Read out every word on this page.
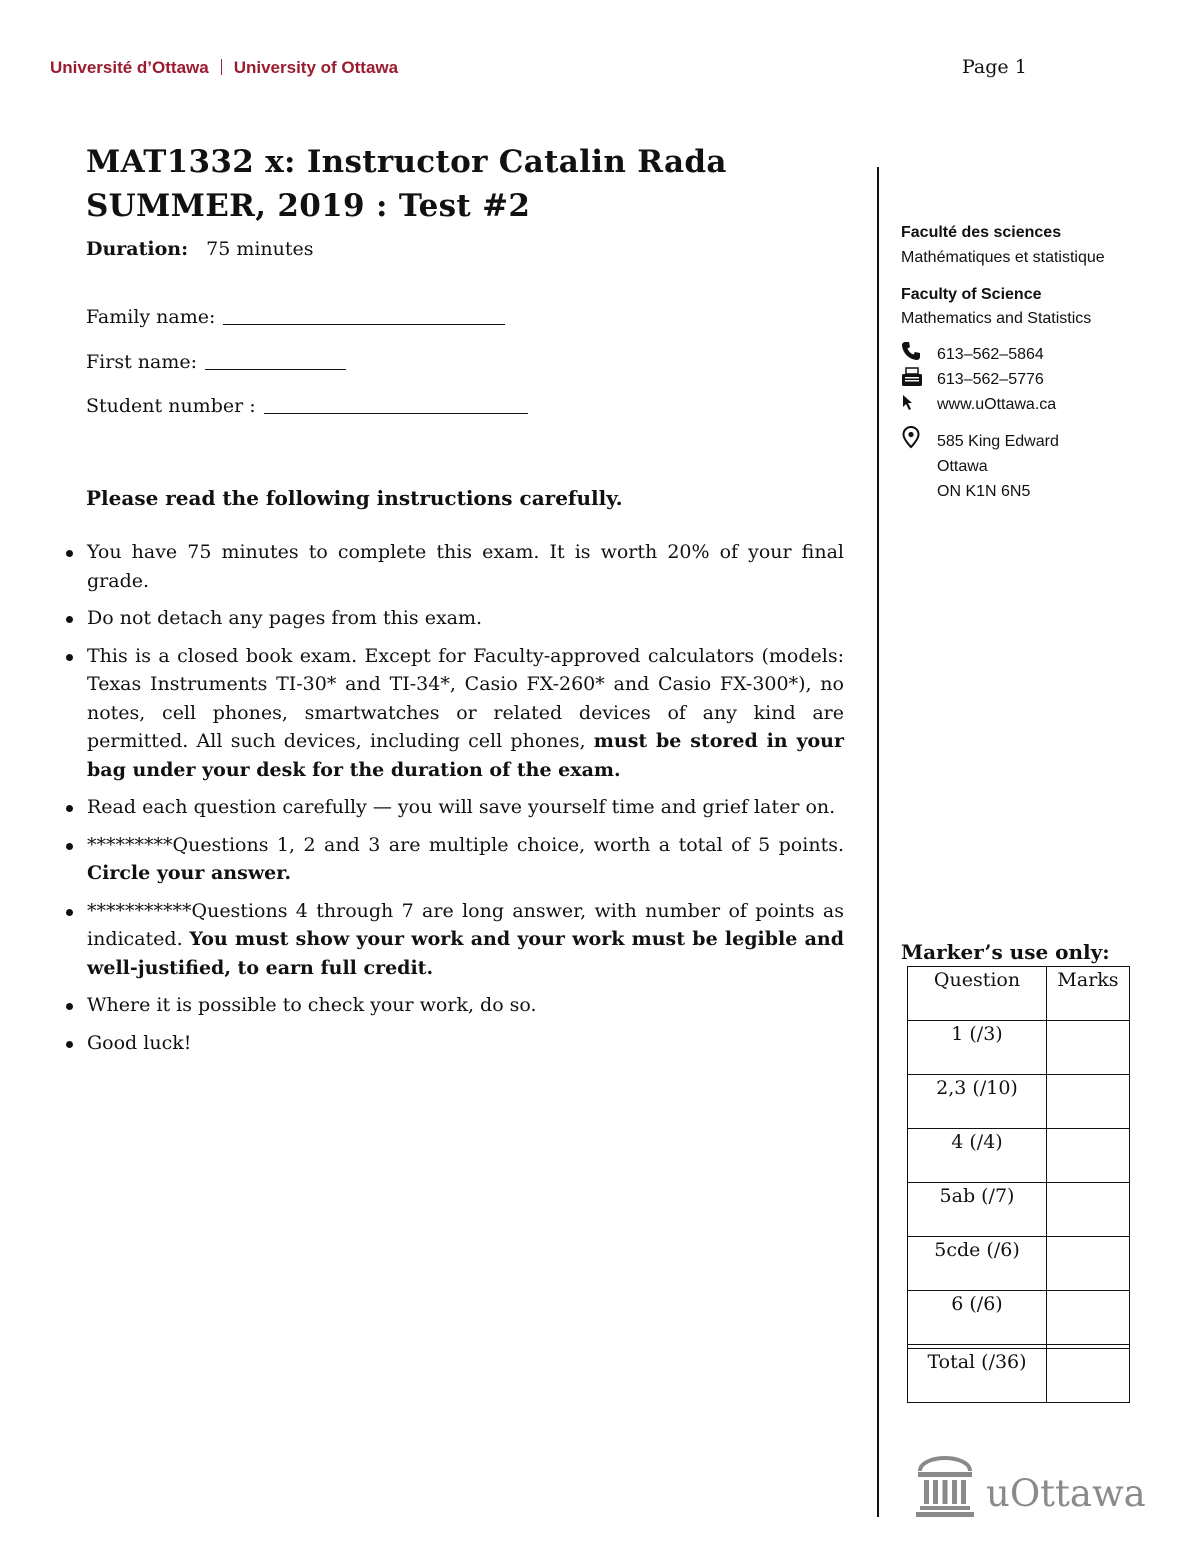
Université d’Ottawa University of Ottawa	Page 1
MAT1332 x: Instructor Catalin Rada
SUMMER, 2019 : Test #2
Duration: 75 minutes
Family name:
First name:
Student number :
Please read the following instructions carefully.
You have 75 minutes to complete this exam. It is worth 20% of your final grade.
Do not detach any pages from this exam.
This is a closed book exam. Except for Faculty-approved calculators (models: Texas Instruments TI-30* and TI-34*, Casio FX-260* and Casio FX-300*), no notes, cell phones, smartwatches or related devices of any kind are permitted. All such devices, including cell phones, must be stored in your bag under your desk for the duration of the exam.
Read each question carefully — you will save yourself time and grief later on.
*********Questions 1, 2 and 3 are multiple choice, worth a total of 5 points. Circle your answer.
***********Questions 4 through 7 are long answer, with number of points as indicated. You must show your work and your work must be legible and well-justified, to earn full credit.
Where it is possible to check your work, do so.
Good luck!
Faculté des sciences
Mathématiques et statistique
Faculty of Science
Mathematics and Statistics
613–562–5864
613–562–5776
www.uOttawa.ca
585 King Edward
Ottawa
ON K1N 6N5
Marker’s use only:
Question	Marks
1 (/3)	
2,3 (/10)	
4 (/4)	
5ab (/7)	
5cde (/6)	
6 (/6)	

Total (/36)	
uOttawa
